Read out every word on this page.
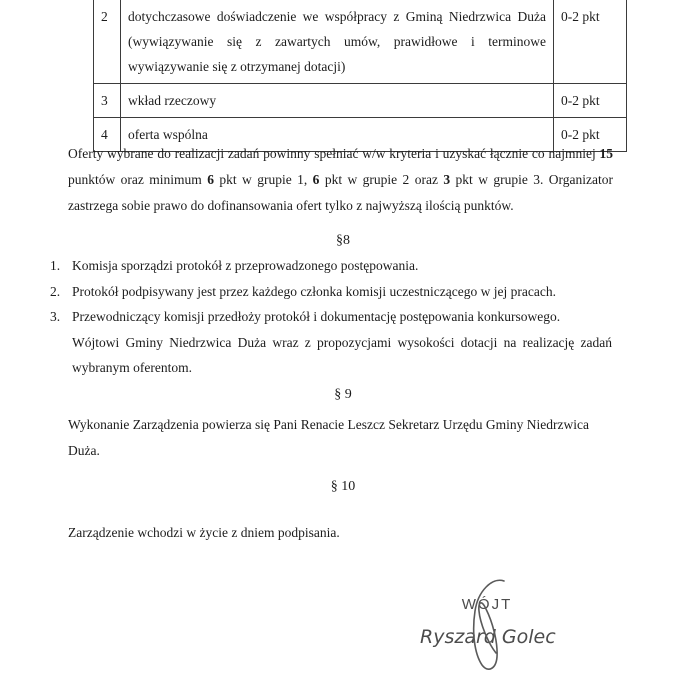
2	dotychczasowe doświadczenie we współpracy z Gminą Niedrzwica Duża (wywiązywanie się z zawartych umów, prawidłowe i terminowe wywiązywanie się z otrzymanej dotacji)	0-2 pkt
3	wkład rzeczowy	0-2 pkt
4	oferta wspólna	0-2 pkt

Oferty wybrane do realizacji zadań powinny spełniać w/w kryteria i uzyskać łącznie co najmniej 15 punktów oraz minimum 6 pkt w grupie 1, 6 pkt w grupie 2 oraz 3 pkt w grupie 3. Organizator zastrzega sobie prawo do dofinansowania ofert tylko z najwyższą ilością punktów.

§8
1. Komisja sporządzi protokół z przeprowadzonego postępowania.
2. Protokół podpisywany jest przez każdego członka komisji uczestniczącego w jej pracach.
3. Przewodniczący komisji przedłoży protokół i dokumentację postępowania konkursowego.
Wójtowi Gminy Niedrzwica Duża wraz z propozycjami wysokości dotacji na realizację zadań wybranym oferentom.
§ 9

Wykonanie Zarządzenia powierza się Pani Renacie Leszcz Sekretarz Urzędu Gminy Niedrzwica Duża.

§ 10

Zarządzenie wchodzi w życie z dniem podpisania.

WÓJT
Ryszard Golec
